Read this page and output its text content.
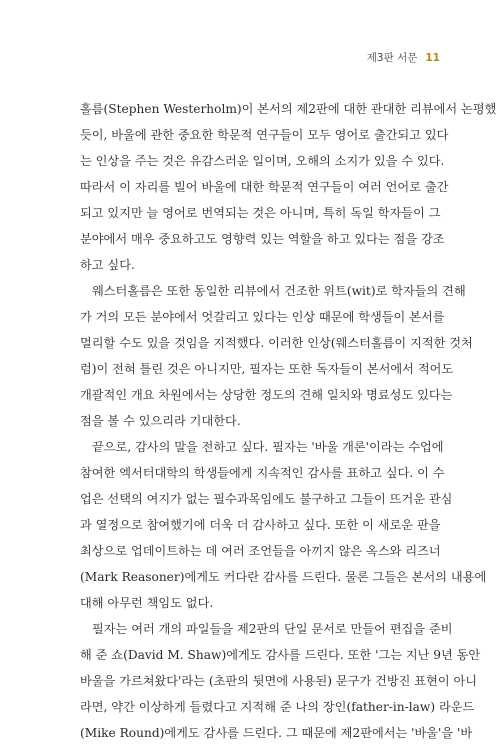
제3판 서문 11
홀름(Stephen Westerholm)이 본서의 제2판에 대한 관대한 리뷰에서 논평했
듯이, 바울에 관한 중요한 학문적 연구들이 모두 영어로 출간되고 있다
는 인상을 주는 것은 유감스러운 일이며, 오해의 소지가 있을 수 있다.
따라서 이 자리를 빌어 바울에 대한 학문적 연구들이 여러 언어로 출간
되고 있지만 늘 영어로 번역되는 것은 아니며, 특히 독일 학자들이 그
분야에서 매우 중요하고도 영향력 있는 역할을 하고 있다는 점을 강조
하고 싶다.
웨스터홀름은 또한 동일한 리뷰에서 건조한 위트(wit)로 학자들의 견해
가 거의 모든 분야에서 엇갈리고 있다는 인상 때문에 학생들이 본서를
멀리할 수도 있을 것임을 지적했다. 이러한 인상(웨스터홀름이 지적한 것처
럼)이 전혀 틀린 것은 아니지만, 필자는 또한 독자들이 본서에서 적어도
개괄적인 개요 차원에서는 상당한 정도의 견해 일치와 명료성도 있다는
점을 볼 수 있으리라 기대한다.
끝으로, 감사의 말을 전하고 싶다. 필자는 '바울 개론'이라는 수업에
참여한 엑서터대학의 학생들에게 지속적인 감사를 표하고 싶다. 이 수
업은 선택의 여지가 없는 필수과목임에도 불구하고 그들이 뜨거운 관심
과 열정으로 참여했기에 더욱 더 감사하고 싶다. 또한 이 새로운 판을
최상으로 업데이트하는 데 여러 조언들을 아끼지 않은 옥스와 리즈너
(Mark Reasoner)에게도 커다란 감사를 드린다. 물론 그들은 본서의 내용에
대해 아무런 책임도 없다.
필자는 여러 개의 파일들을 제2판의 단일 문서로 만들어 편집을 준비
해 준 쇼(David M. Shaw)에게도 감사를 드린다. 또한 '그는 지난 9년 동안
바울을 가르쳐왔다'라는 (초판의 뒷면에 사용된) 문구가 건방진 표현이 아니
라면, 약간 이상하게 들렸다고 지적해 준 나의 장인(father-in-law) 라운드
(Mike Round)에게도 감사를 드린다. 그 때문에 제2판에서는 '바울'을 '바
